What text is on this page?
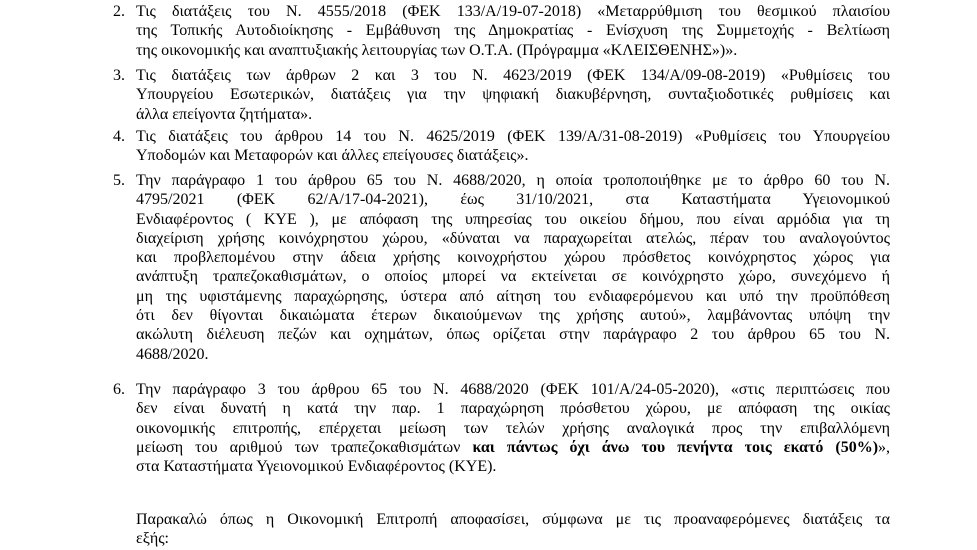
2. Τις διατάξεις του Ν. 4555/2018 (ΦΕΚ 133/Α/19-07-2018) «Μεταρρύθμιση του θεσμικού πλαισίου
της Τοπικής Αυτοδιοίκησης - Εμβάθυνση της Δημοκρατίας - Ενίσχυση της Συμμετοχής - Βελτίωση
της οικονομικής και αναπτυξιακής λειτουργίας των Ο.Τ.Α. (Πρόγραμμα «ΚΛΕΙΣΘΕΝΗΣ»)».
3. Τις διατάξεις των άρθρων 2 και 3 του Ν. 4623/2019 (ΦΕΚ 134/Α/09-08-2019) «Ρυθμίσεις του
Υπουργείου Εσωτερικών, διατάξεις για την ψηφιακή διακυβέρνηση, συνταξιοδοτικές ρυθμίσεις και
άλλα επείγοντα ζητήματα».
4. Τις διατάξεις του άρθρου 14 του Ν. 4625/2019 (ΦΕΚ 139/Α/31-08-2019) «Ρυθμίσεις του Υπουργείου
Υποδομών και Μεταφορών και άλλες επείγουσες διατάξεις».
5. Την παράγραφο 1 του άρθρου 65 του Ν. 4688/2020, η οποία τροποποιήθηκε με το άρθρο 60 του Ν.
4795/2021 (ΦΕΚ 62/Α/17-04-2021), έως 31/10/2021, στα Καταστήματα Υγειονομικού
Ενδιαφέροντος ( ΚΥΕ ), με απόφαση της υπηρεσίας του οικείου δήμου, που είναι αρμόδια για τη
διαχείριση χρήσης κοινόχρηστου χώρου, «δύναται να παραχωρείται ατελώς, πέραν του αναλογούντος
και προβλεπομένου στην άδεια χρήσης κοινοχρήστου χώρου πρόσθετος κοινόχρηστος χώρος για
ανάπτυξη τραπεζοκαθισμάτων, ο οποίος μπορεί να εκτείνεται σε κοινόχρηστο χώρο, συνεχόμενο ή
μη της υφιστάμενης παραχώρησης, ύστερα από αίτηση του ενδιαφερόμενου και υπό την προϋπόθεση
ότι δεν θίγονται δικαιώματα έτερων δικαιούμενων της χρήσης αυτού», λαμβάνοντας υπόψη την
ακώλυτη διέλευση πεζών και οχημάτων, όπως ορίζεται στην παράγραφο 2 του άρθρου 65 του Ν.
4688/2020.
6. Την παράγραφο 3 του άρθρου 65 του Ν. 4688/2020 (ΦΕΚ 101/Α/24-05-2020), «στις περιπτώσεις που
δεν είναι δυνατή η κατά την παρ. 1 παραχώρηση πρόσθετου χώρου, με απόφαση της οικίας
οικονομικής επιτροπής, επέρχεται μείωση των τελών χρήσης αναλογικά προς την επιβαλλόμενη
μείωση του αριθμού των τραπεζοκαθισμάτων και πάντως όχι άνω του πενήντα τοις εκατό (50%)»,
στα Καταστήματα Υγειονομικού Ενδιαφέροντος (ΚΥΕ).
Παρακαλώ όπως η Οικονομική Επιτροπή αποφασίσει, σύμφωνα με τις προαναφερόμενες διατάξεις τα
εξής:
